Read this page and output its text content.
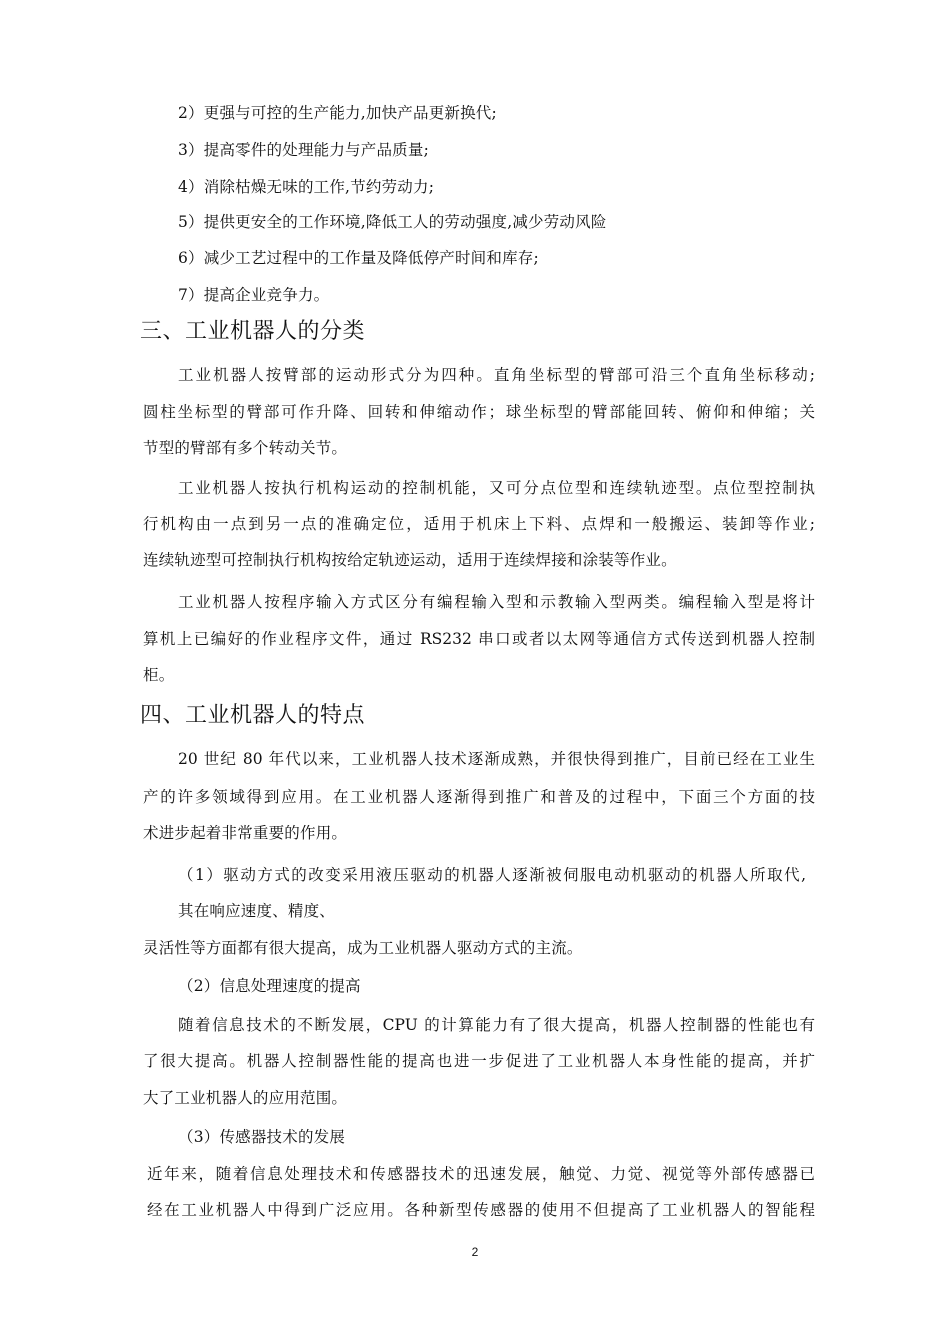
2）更强与可控的生产能力,加快产品更新换代;
3）提高零件的处理能力与产品质量;
4）消除枯燥无味的工作,节约劳动力;
5）提供更安全的工作环境,降低工人的劳动强度,减少劳动风险
6）减少工艺过程中的工作量及降低停产时间和库存;
7）提高企业竞争力。
三、工业机器人的分类
工业机器人按臂部的运动形式分为四种。直角坐标型的臂部可沿三个直角坐标移动;
圆柱坐标型的臂部可作升降、回转和伸缩动作；球坐标型的臂部能回转、俯仰和伸缩；关
节型的臂部有多个转动关节。
工业机器人按执行机构运动的控制机能，又可分点位型和连续轨迹型。点位型控制执
行机构由一点到另一点的准确定位，适用于机床上下料、点焊和一般搬运、装卸等作业;
连续轨迹型可控制执行机构按给定轨迹运动，适用于连续焊接和涂装等作业。
工业机器人按程序输入方式区分有编程输入型和示教输入型两类。编程输入型是将计
算机上已编好的作业程序文件，通过 RS232 串口或者以太网等通信方式传送到机器人控制
柜。
四、工业机器人的特点
20 世纪 80 年代以来，工业机器人技术逐渐成熟，并很快得到推广，目前已经在工业生
产的许多领域得到应用。在工业机器人逐渐得到推广和普及的过程中，下面三个方面的技
术进步起着非常重要的作用。
（1）驱动方式的改变采用液压驱动的机器人逐渐被伺服电动机驱动的机器人所取代,
其在响应速度、精度、
灵活性等方面都有很大提高，成为工业机器人驱动方式的主流。
（2）信息处理速度的提高
随着信息技术的不断发展，CPU 的计算能力有了很大提高，机器人控制器的性能也有
了很大提高。机器人控制器性能的提高也进一步促进了工业机器人本身性能的提高，并扩
大了工业机器人的应用范围。
（3）传感器技术的发展
近年来，随着信息处理技术和传感器技术的迅速发展，触觉、力觉、视觉等外部传感器已
经在工业机器人中得到广泛应用。各种新型传感器的使用不但提高了工业机器人的智能程
2
